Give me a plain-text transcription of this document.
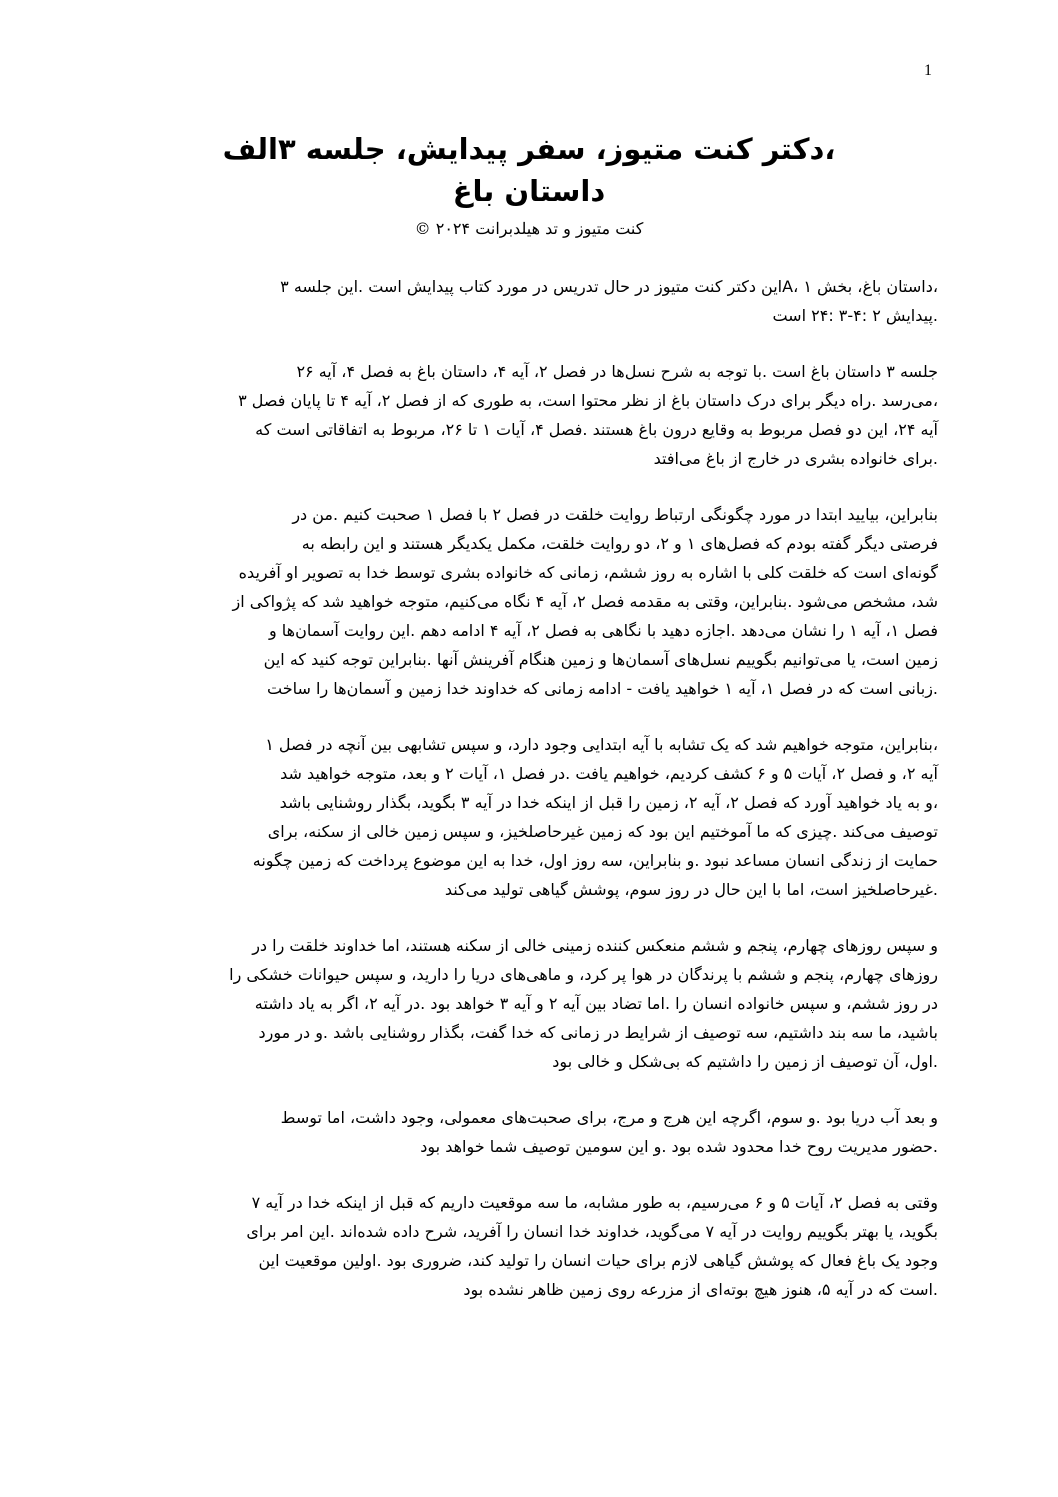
1

،دکتر کنت متیوز، سفر پیدایش، جلسه ۳الف

داستان باغ

کنت متیوز و تد هیلدبرانت ۲۰۲۴ ©

،داستان باغ، بخش ۱ ،Aاین دکتر کنت متیوز در حال تدریس در مورد کتاب پیدایش است .این جلسه ۳
.پیدایش ۲ :۴-۳ :۲۴ است

جلسه ۳ داستان باغ است .با توجه به شرح نسل‌ها در فصل ۲، آیه ۴، داستان باغ به فصل ۴، آیه ۲۶
،می‌رسد .راه دیگر برای درک داستان باغ از نظر محتوا است، به طوری که از فصل ۲، آیه ۴ تا پایان فصل ۳
آیه ۲۴، این دو فصل مربوط به وقایع درون باغ هستند .فصل ۴، آیات ۱ تا ۲۶، مربوط به اتفاقاتی است که
.برای خانواده بشری در خارج از باغ می‌افتد

بنابراین، بیایید ابتدا در مورد چگونگی ارتباط روایت خلقت در فصل ۲ با فصل ۱ صحبت کنیم .من در
فرصتی دیگر گفته بودم که فصل‌های ۱ و ۲، دو روایت خلقت، مکمل یکدیگر هستند و این رابطه به
گونه‌ای است که خلقت کلی با اشاره به روز ششم، زمانی که خانواده بشری توسط خدا به تصویر او آفریده
شد، مشخص می‌شود .بنابراین، وقتی به مقدمه فصل ۲، آیه ۴ نگاه می‌کنیم، متوجه خواهید شد که پژواکی از
فصل ۱، آیه ۱ را نشان می‌دهد .اجازه دهید با نگاهی به فصل ۲، آیه ۴ ادامه دهم .این روایت آسمان‌ها و
زمین است، یا می‌توانیم بگوییم نسل‌های آسمان‌ها و زمین هنگام آفرینش آنها .بنابراین توجه کنید که این
.زبانی است که در فصل ۱، آیه ۱ خواهید یافت - ادامه زمانی که خداوند خدا زمین و آسمان‌ها را ساخت

،بنابراین، متوجه خواهیم شد که یک تشابه با آیه ابتدایی وجود دارد، و سپس تشابهی بین آنچه در فصل ۱
آیه ۲، و فصل ۲، آیات ۵ و ۶ کشف کردیم، خواهیم یافت .در فصل ۱، آیات ۲ و بعد، متوجه خواهید شد
،و به یاد خواهید آورد که فصل ۲، آیه ۲، زمین را قبل از اینکه خدا در آیه ۳ بگوید، بگذار روشنایی باشد
توصیف می‌کند .چیزی که ما آموختیم این بود که زمین غیرحاصلخیز، و سپس زمین خالی از سکنه، برای
حمایت از زندگی انسان مساعد نبود .و بنابراین، سه روز اول، خدا به این موضوع پرداخت که زمین چگونه
.غیرحاصلخیز است، اما با این حال در روز سوم، پوشش گیاهی تولید می‌کند

و سپس روزهای چهارم، پنجم و ششم منعکس کننده زمینی خالی از سکنه هستند، اما خداوند خلقت را در
روزهای چهارم، پنجم و ششم با پرندگان در هوا پر کرد، و ماهی‌های دریا را دارید، و سپس حیوانات خشکی را
در روز ششم، و سپس خانواده انسان را .اما تضاد بین آیه ۲ و آیه ۳ خواهد بود .در آیه ۲، اگر به یاد داشته
باشید، ما سه بند داشتیم، سه توصیف از شرایط در زمانی که خدا گفت، بگذار روشنایی باشد .و در مورد
.اول، آن توصیف از زمین را داشتیم که بی‌شکل و خالی بود

و بعد آب دریا بود .و سوم، اگرچه این هرج و مرج، برای صحبت‌های معمولی، وجود داشت، اما توسط
.حضور مدیریت روح خدا محدود شده بود .و این سومین توصیف شما خواهد بود

وقتی به فصل ۲، آیات ۵ و ۶ می‌رسیم، به طور مشابه، ما سه موقعیت داریم که قبل از اینکه خدا در آیه ۷
بگوید، یا بهتر بگوییم روایت در آیه ۷ می‌گوید، خداوند خدا انسان را آفرید، شرح داده شده‌اند .این امر برای
وجود یک باغ فعال که پوشش گیاهی لازم برای حیات انسان را تولید کند، ضروری بود .اولین موقعیت این
.است که در آیه ۵، هنوز هیچ بوته‌ای از مزرعه روی زمین ظاهر نشده بود
